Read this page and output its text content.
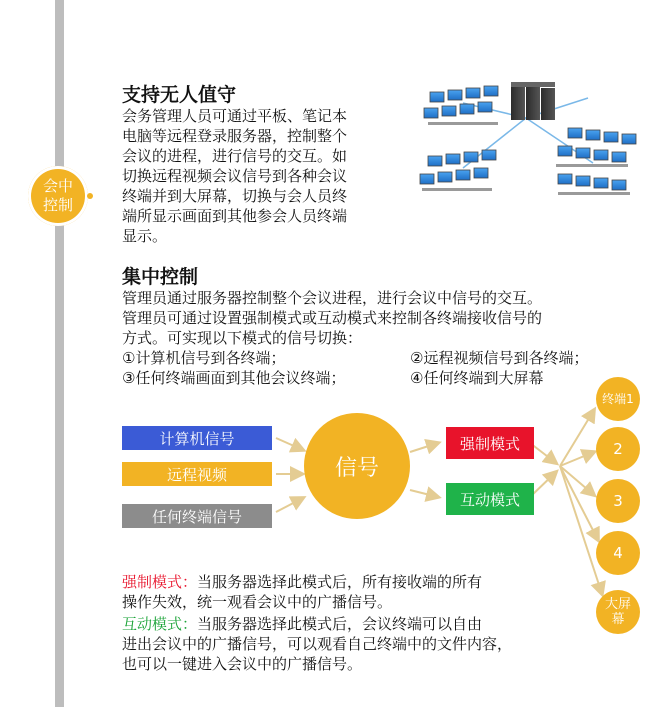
会中
控制
支持无人值守
会务管理人员可通过平板、笔记本
电脑等远程登录服务器，控制整个
会议的进程，进行信号的交互。如
切换远程视频会议信号到各种会议
终端并到大屏幕，切换与会人员终
端所显示画面到其他参会人员终端
显示。
集中控制
管理员通过服务器控制整个会议进程，进行会议中信号的交互。
管理员可通过设置强制模式或互动模式来控制各终端接收信号的
方式。可实现以下模式的信号切换：
①计算机信号到各终端；	②远程视频信号到各终端；
③任何终端画面到其他会议终端；	④任何终端到大屏幕
计算机信号
远程视频
任何终端信号
信号
强制模式
互动模式
终端1
2
3
4
大屏幕
强制模式：当服务器选择此模式后，所有接收端的所有
操作失效，统一观看会议中的广播信号。
互动模式：当服务器选择此模式后，会议终端可以自由
进出会议中的广播信号，可以观看自己终端中的文件内容，
也可以一键进入会议中的广播信号。
